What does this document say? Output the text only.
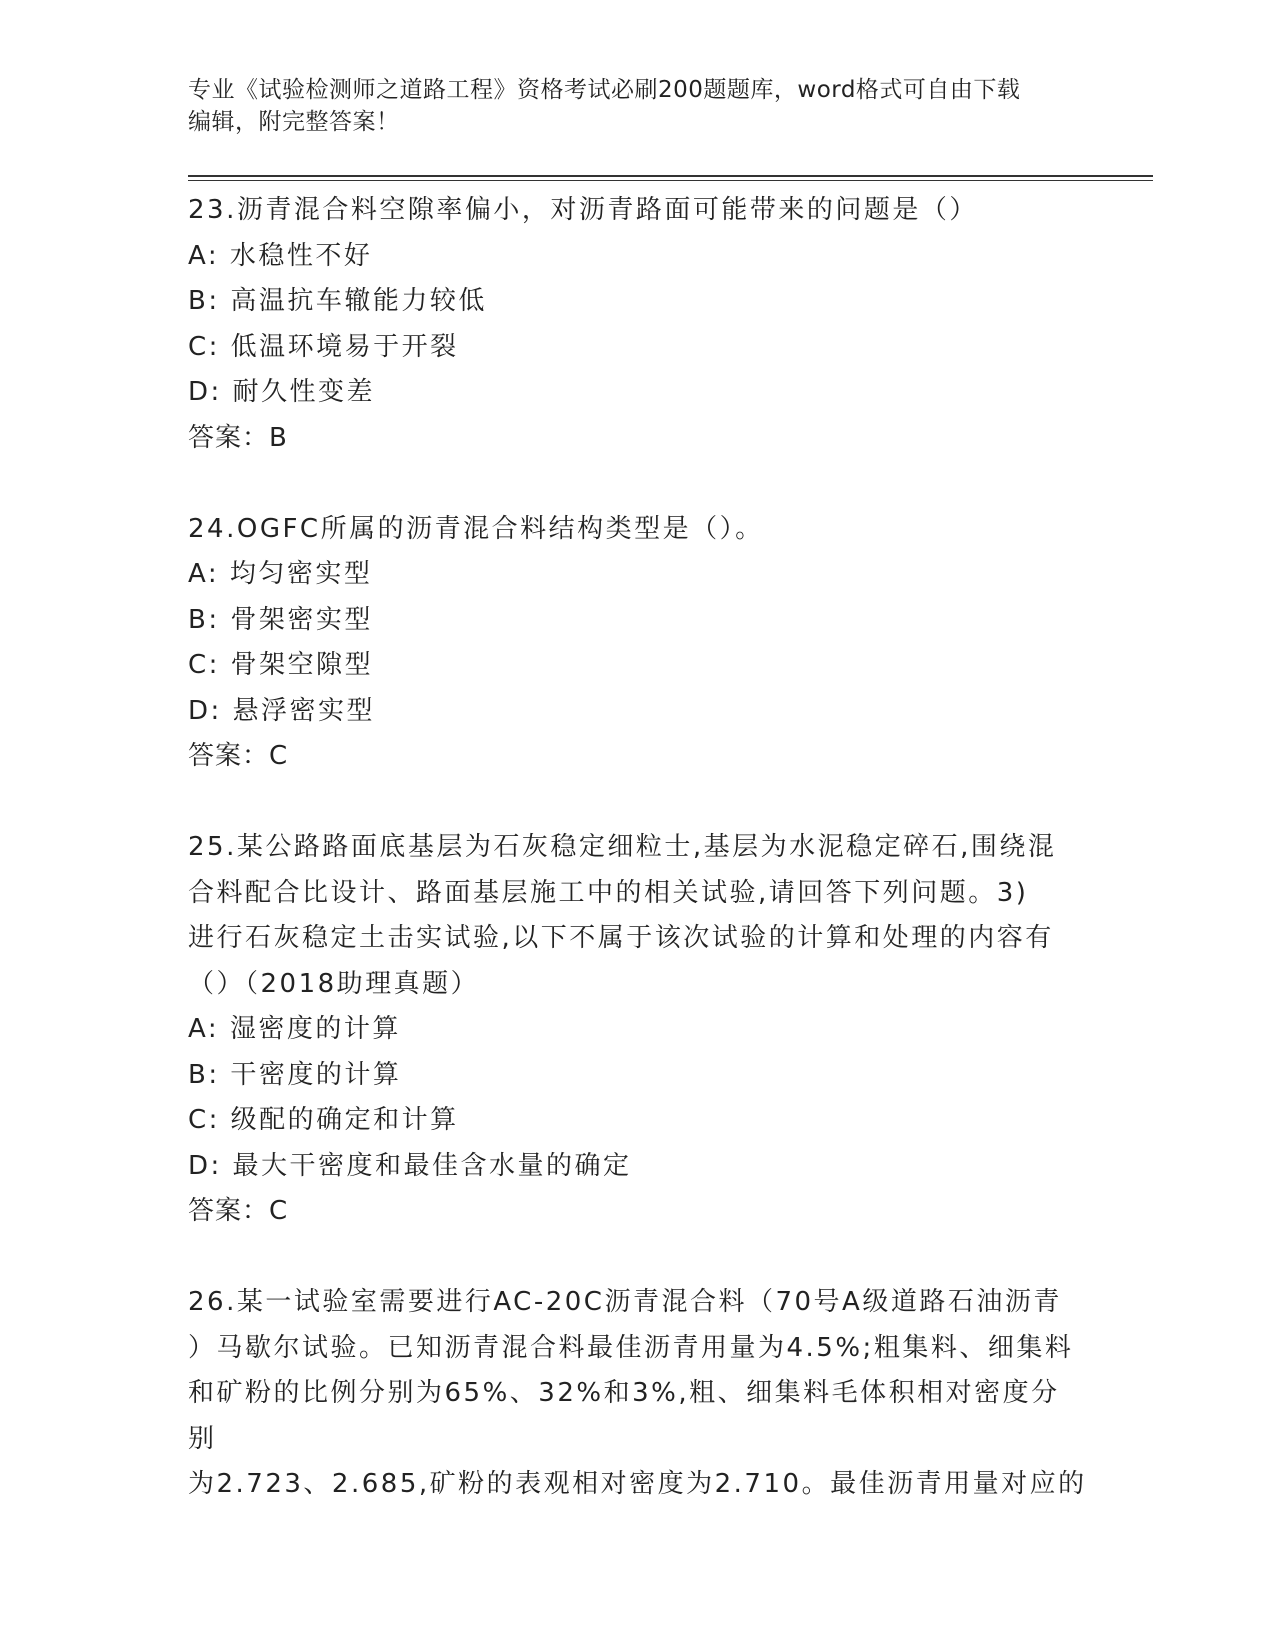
专业《试验检测师之道路工程》资格考试必刷200题题库，word格式可自由下载
编辑，附完整答案！
23.沥青混合料空隙率偏小，对沥青路面可能带来的问题是（）
A: 水稳性不好
B: 高温抗车辙能力较低
C: 低温环境易于开裂
D: 耐久性变差
答案：B
24.OGFC所属的沥青混合料结构类型是（）。
A: 均匀密实型
B: 骨架密实型
C: 骨架空隙型
D: 悬浮密实型
答案：C
25.某公路路面底基层为石灰稳定细粒士,基层为水泥稳定碎石,围绕混
合料配合比设计、路面基层施工中的相关试验,请回答下列问题。3)
进行石灰稳定土击实试验,以下不属于该次试验的计算和处理的内容有
（）（2018助理真题）
A: 湿密度的计算
B: 干密度的计算
C: 级配的确定和计算
D: 最大干密度和最佳含水量的确定
答案：C
26.某一试验室需要进行AC-20C沥青混合料（70号A级道路石油沥青
）马歇尔试验。已知沥青混合料最佳沥青用量为4.5%;粗集料、细集料
和矿粉的比例分别为65%、32%和3%,粗、细集料毛体积相对密度分别
为2.723、2.685,矿粉的表观相对密度为2.710。最佳沥青用量对应的
